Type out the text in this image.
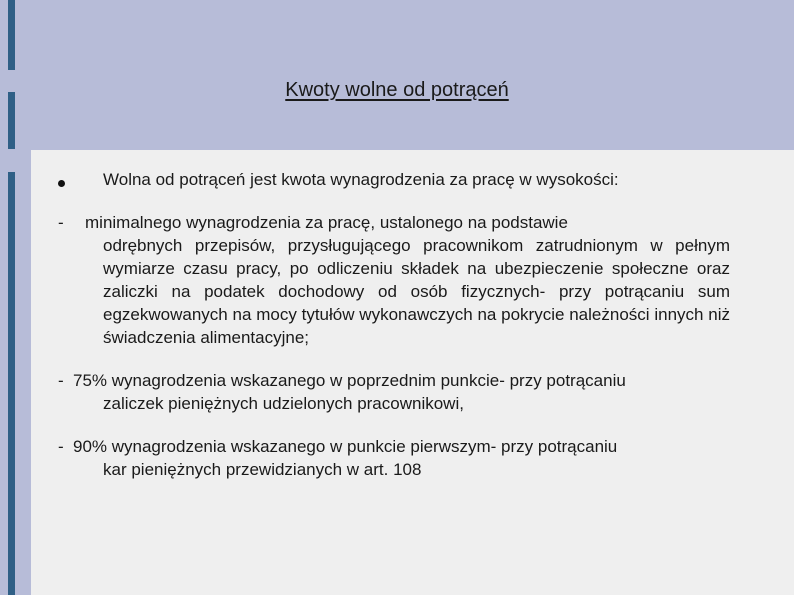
Kwoty wolne od potrąceń
Wolna od potrąceń jest kwota wynagrodzenia za pracę w wysokości:
- minimalnego wynagrodzenia za pracę, ustalonego na podstawie
odrębnych przepisów, przysługującego pracownikom zatrudnionym w pełnym wymiarze czasu pracy, po odliczeniu składek na ubezpieczenie społeczne oraz zaliczki na podatek dochodowy od osób fizycznych- przy potrącaniu sum egzekwowanych na mocy tytułów wykonawczych na pokrycie należności innych niż świadczenia alimentacyjne;
- 75% wynagrodzenia wskazanego w poprzednim punkcie- przy potrącaniu
zaliczek pieniężnych udzielonych pracownikowi,
- 90% wynagrodzenia wskazanego w punkcie pierwszym- przy potrącaniu
kar pieniężnych przewidzianych w art. 108
